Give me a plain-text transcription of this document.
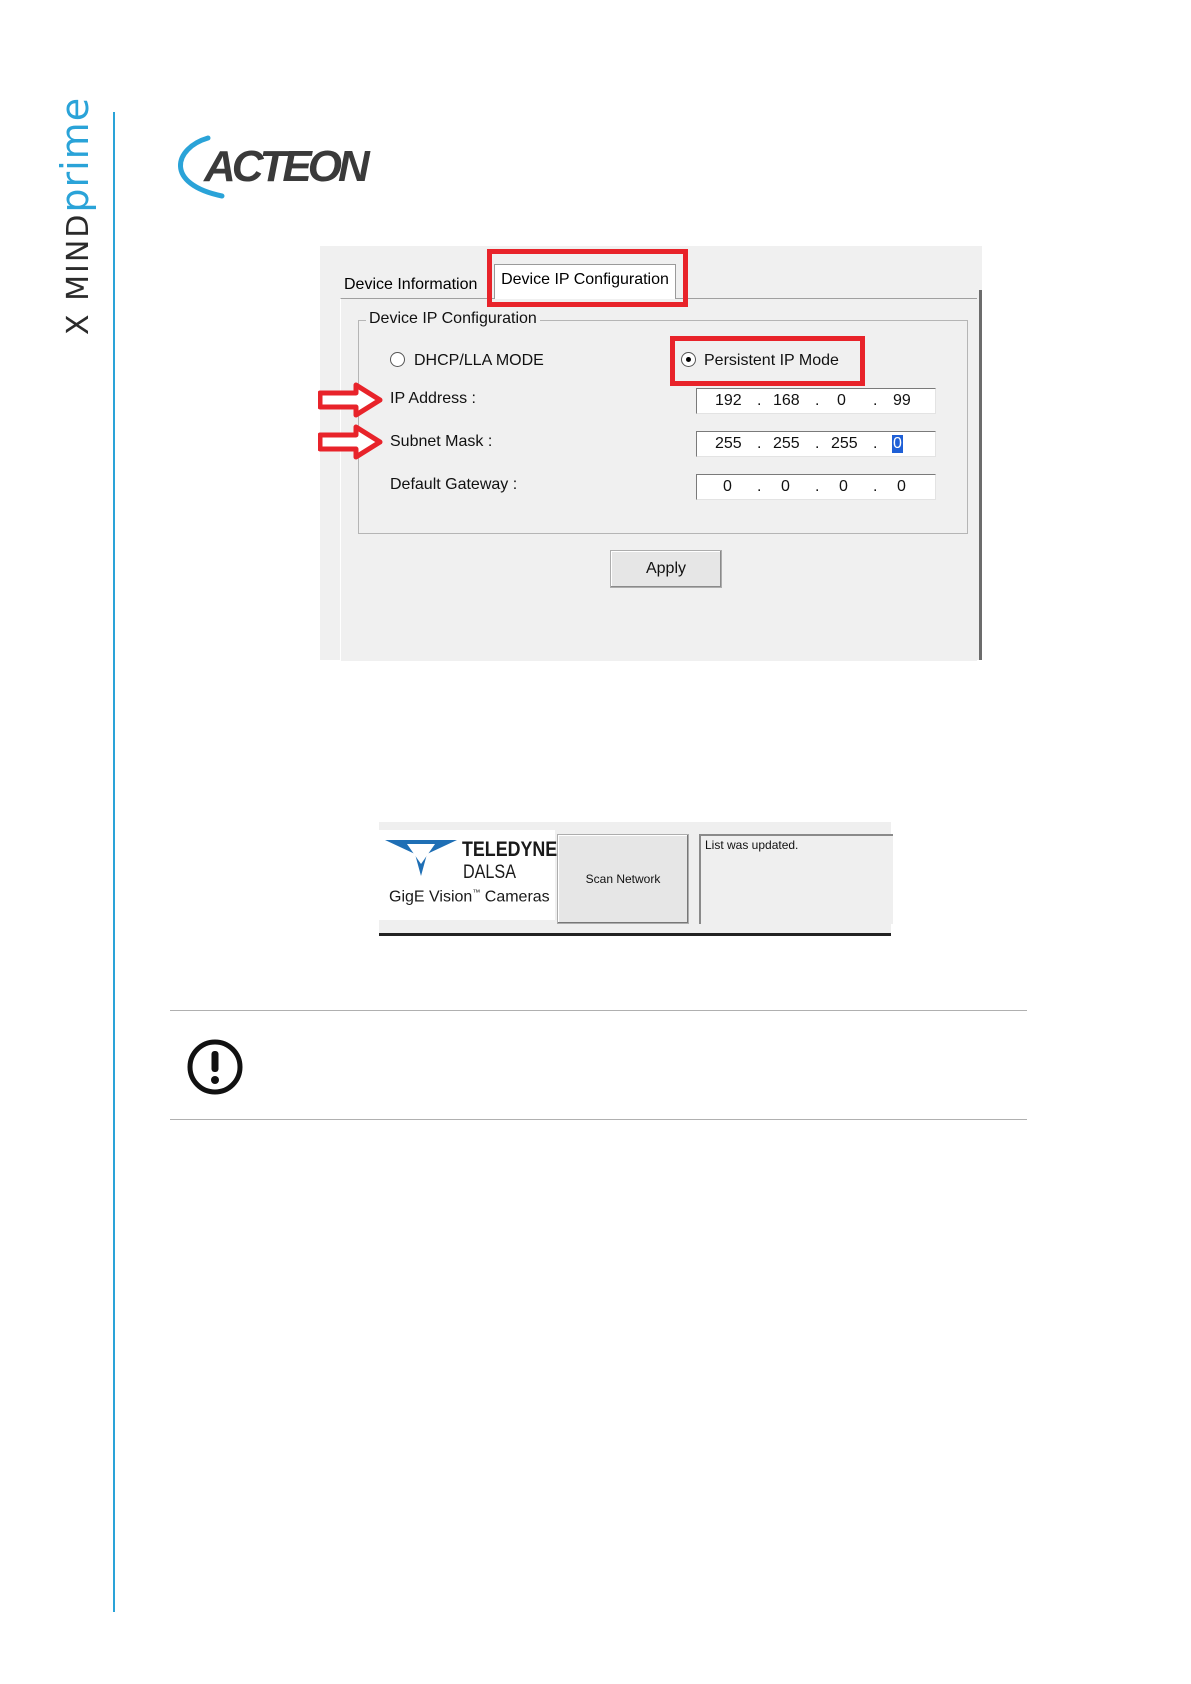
X MINDprime ACTEON
Device Information	Device IP Configuration
Device IP Configuration
DHCP/LLA MODE	Persistent IP Mode
IP Address :	192 . 168 . 0 . 99
Subnet Mask :	255 . 255 . 255 . 0
Default Gateway :	0 . 0 . 0 . 0
Apply
TELEDYNE
DALSA
GigE Vision™ Cameras
Scan Network
List was updated.
